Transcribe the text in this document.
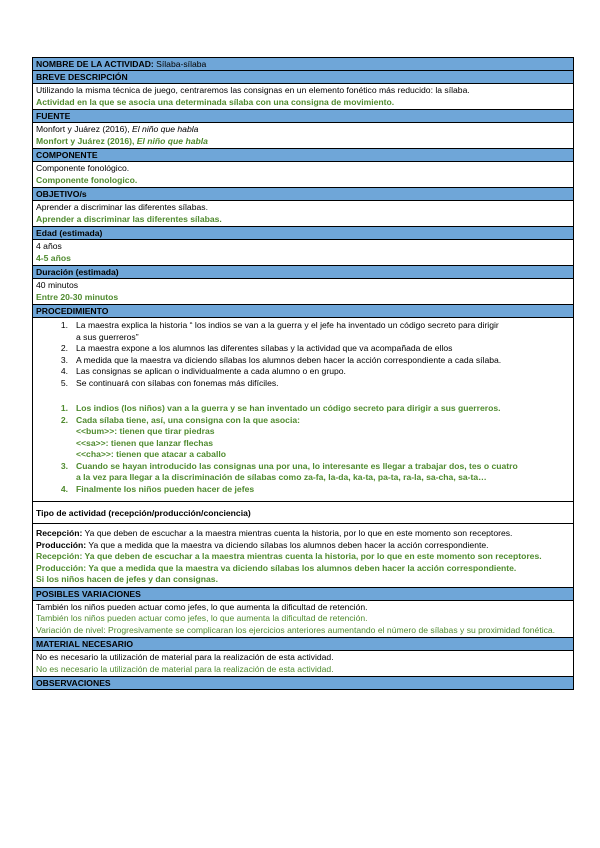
NOMBRE DE LA ACTIVIDAD: Sílaba-sílaba
BREVE DESCRIPCIÓN
Utilizando la misma técnica de juego, centraremos las consignas en un elemento fonético más reducido: la sílaba.
Actividad en la que se asocia una determinada sílaba con una consigna de movimiento.
FUENTE
Monfort y Juárez (2016), El niño que habla
Monfort y Juárez (2016), El niño que habla
COMPONENTE
Componente fonológico.
Componente fonologico.
OBJETIVO/s
Aprender a discriminar las diferentes sílabas.
Aprender a discriminar las diferentes sílabas.
Edad (estimada)
4 años
4-5 años
Duración (estimada)
40 minutos
Entre 20-30 minutos
PROCEDIMIENTO
1. La maestra explica la historia “ los indios se van a la guerra y el jefe ha inventado un código secreto para dirigir
a sus guerreros”
2. La maestra expone a los alumnos las diferentes sílabas y la actividad que va acompañada de ellos
3. A medida que la maestra va diciendo sílabas los alumnos deben hacer la acción correspondiente a cada sílaba.
4. Las consignas se aplican o individualmente a cada alumno o en grupo.
5. Se continuará con sílabas con fonemas más difíciles.
1. Los indios (los niños) van a la guerra y se han inventado un código secreto para dirigir a sus guerreros.
2. Cada sílaba tiene, así, una consigna con la que asocia:
<<bum>>: tienen que tirar piedras
<<sa>>: tienen que lanzar flechas
<<cha>>: tienen que atacar a caballo
3. Cuando se hayan introducido las consignas una por una, lo interesante es llegar a trabajar dos, tes o cuatro
a la vez para llegar a la discriminación de sílabas como za-fa, la-da, ka-ta, pa-ta, ra-la, sa-cha, sa-ta…
4. Finalmente los niños pueden hacer de jefes
Tipo de actividad (recepción/producción/conciencia)
Recepción: Ya que deben de escuchar a la maestra mientras cuenta la historia, por lo que en este momento son receptores.
Producción: Ya que a medida que la maestra va diciendo sílabas los alumnos deben hacer la acción correspondiente.
Recepción: Ya que deben de escuchar a la maestra mientras cuenta la historia, por lo que en este momento son receptores.
Producción: Ya que a medida que la maestra va diciendo sílabas los alumnos deben hacer la acción correspondiente.
Si los niños hacen de jefes y dan consignas.
POSIBLES VARIACIONES
También los niños pueden actuar como jefes, lo que aumenta la dificultad de retención.
También los niños pueden actuar como jefes, lo que aumenta la dificultad de retención.
Variación de nivel: Progresivamente se complicaran los ejercicios anteriores aumentando el número de sílabas y su proximidad fonética.
MATERIAL NECESARIO
No es necesario la utilización de material para la realización de esta actividad.
No es necesario la utilización de material para la realización de esta actividad.
OBSERVACIONES
